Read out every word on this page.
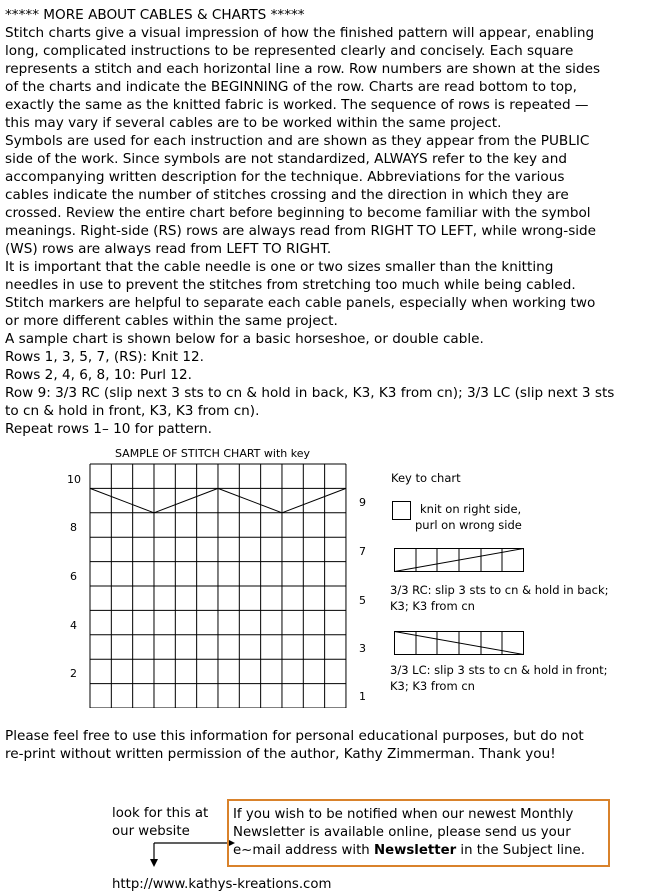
***** MORE ABOUT CABLES & CHARTS *****
Stitch charts give a visual impression of how the finished pattern will appear, enabling
long, complicated instructions to be represented clearly and concisely. Each square
represents a stitch and each horizontal line a row. Row numbers are shown at the sides
of the charts and indicate the BEGINNING of the row. Charts are read bottom to top,
exactly the same as the knitted fabric is worked. The sequence of rows is repeated —
this may vary if several cables are to be worked within the same project.
Symbols are used for each instruction and are shown as they appear from the PUBLIC
side of the work. Since symbols are not standardized, ALWAYS refer to the key and
accompanying written description for the technique. Abbreviations for the various
cables indicate the number of stitches crossing and the direction in which they are
crossed. Review the entire chart before beginning to become familiar with the symbol
meanings. Right-side (RS) rows are always read from RIGHT TO LEFT, while wrong-side
(WS) rows are always read from LEFT TO RIGHT.
It is important that the cable needle is one or two sizes smaller than the knitting
needles in use to prevent the stitches from stretching too much while being cabled.
Stitch markers are helpful to separate each cable panels, especially when working two
or more different cables within the same project.
A sample chart is shown below for a basic horseshoe, or double cable.
Rows 1, 3, 5, 7, (RS): Knit 12.
Rows 2, 4, 6, 8, 10: Purl 12.
Row 9: 3/3 RC (slip next 3 sts to cn & hold in back, K3, K3 from cn); 3/3 LC (slip next 3 sts
to cn & hold in front, K3, K3 from cn).
Repeat rows 1– 10 for pattern.
SAMPLE OF STITCH CHART with key
10
8
6
4
2
9
7
5
3
1
Key to chart
knit on right side,
purl on wrong side
3/3 RC: slip 3 sts to cn & hold in back;
K3; K3 from cn
3/3 LC: slip 3 sts to cn & hold in front;
K3; K3 from cn
Please feel free to use this information for personal educational purposes, but do not
re-print without written permission of the author, Kathy Zimmerman. Thank you!
look for this at
our website
If you wish to be notified when our newest Monthly
Newsletter is available online, please send us your
e~mail address with Newsletter in the Subject line.
http://www.kathys-kreations.com
